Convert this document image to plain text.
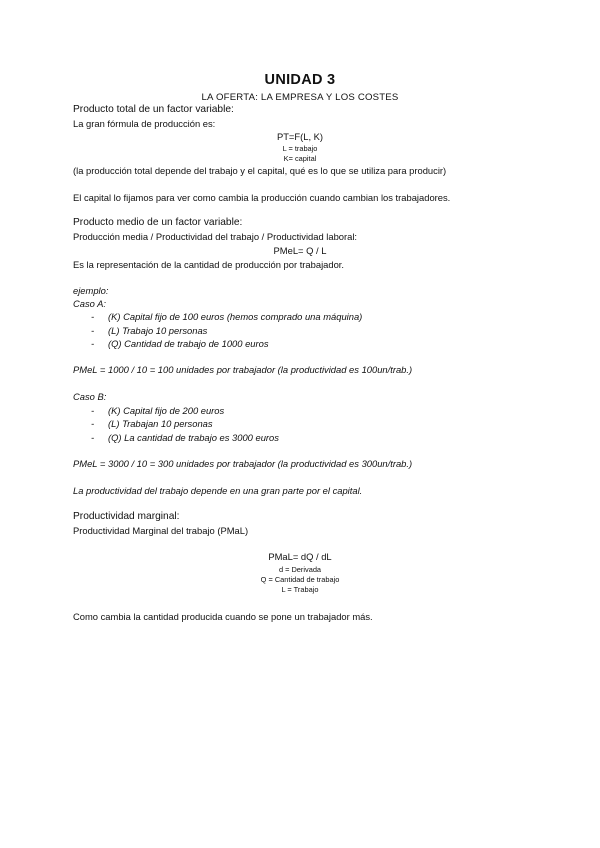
UNIDAD 3
LA OFERTA: LA EMPRESA Y LOS COSTES
Producto total de un factor variable:
La gran fórmula de producción es:
PT=F(L, K)
L = trabajo
K= capital
(la producción total depende del trabajo y el capital, qué es lo que se utiliza para producir)
El capital lo fijamos para ver como cambia la producción cuando cambian los trabajadores.
Producto medio de un factor variable:
Producción media / Productividad del trabajo / Productividad laboral:
PMeL= Q / L
Es la representación de la cantidad de producción por trabajador.
ejemplo:
Caso A:
- (K) Capital fijo de 100 euros (hemos comprado una máquina)
- (L) Trabajo 10 personas
- (Q) Cantidad de trabajo de 1000 euros
PMeL = 1000 / 10 = 100 unidades por trabajador (la productividad es 100un/trab.)
Caso B:
- (K) Capital fijo de 200 euros
- (L) Trabajan 10 personas
- (Q) La cantidad de trabajo es 3000 euros
PMeL = 3000 / 10 = 300 unidades por trabajador (la productividad es 300un/trab.)
La productividad del trabajo depende en una gran parte por el capital.
Productividad marginal:
Productividad Marginal del trabajo (PMaL)
PMaL= dQ / dL
d = Derivada
Q = Cantidad de trabajo
L = Trabajo
Como cambia la cantidad producida cuando se pone un trabajador más.
